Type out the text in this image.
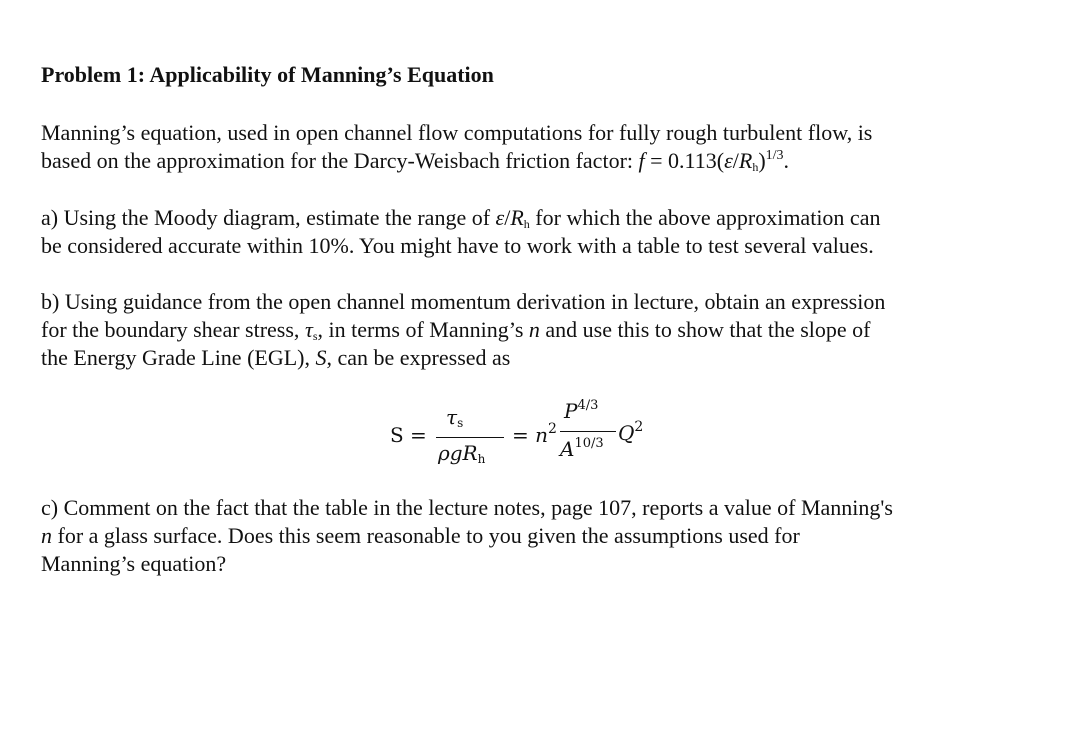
Problem 1: Applicability of Manning’s Equation
Manning’s equation, used in open channel flow computations for fully rough turbulent flow, is
based on the approximation for the Darcy-Weisbach friction factor: $f = 0.113(\varepsilon/R_h)^{1/3}$.
a) Using the Moody diagram, estimate the range of $\varepsilon/R_h$ for which the above approximation can
be considered accurate within 10%. You might have to work with a table to test several values.
b) Using guidance from the open channel momentum derivation in lecture, obtain an expression
for the boundary shear stress, $\tau_s$, in terms of Manning’s n and use this to show that the slope of
the Energy Grade Line (EGL), S, can be expressed as
S =
$\tau_s$
ρgR$_h$
= $n^2$
$P^{4/3}$
$A^{10/3}$ $Q^2$
c) Comment on the fact that the table in the lecture notes, page 107, reports a value of Manning's
n for a glass surface. Does this seem reasonable to you given the assumptions used for
Manning’s equation?
